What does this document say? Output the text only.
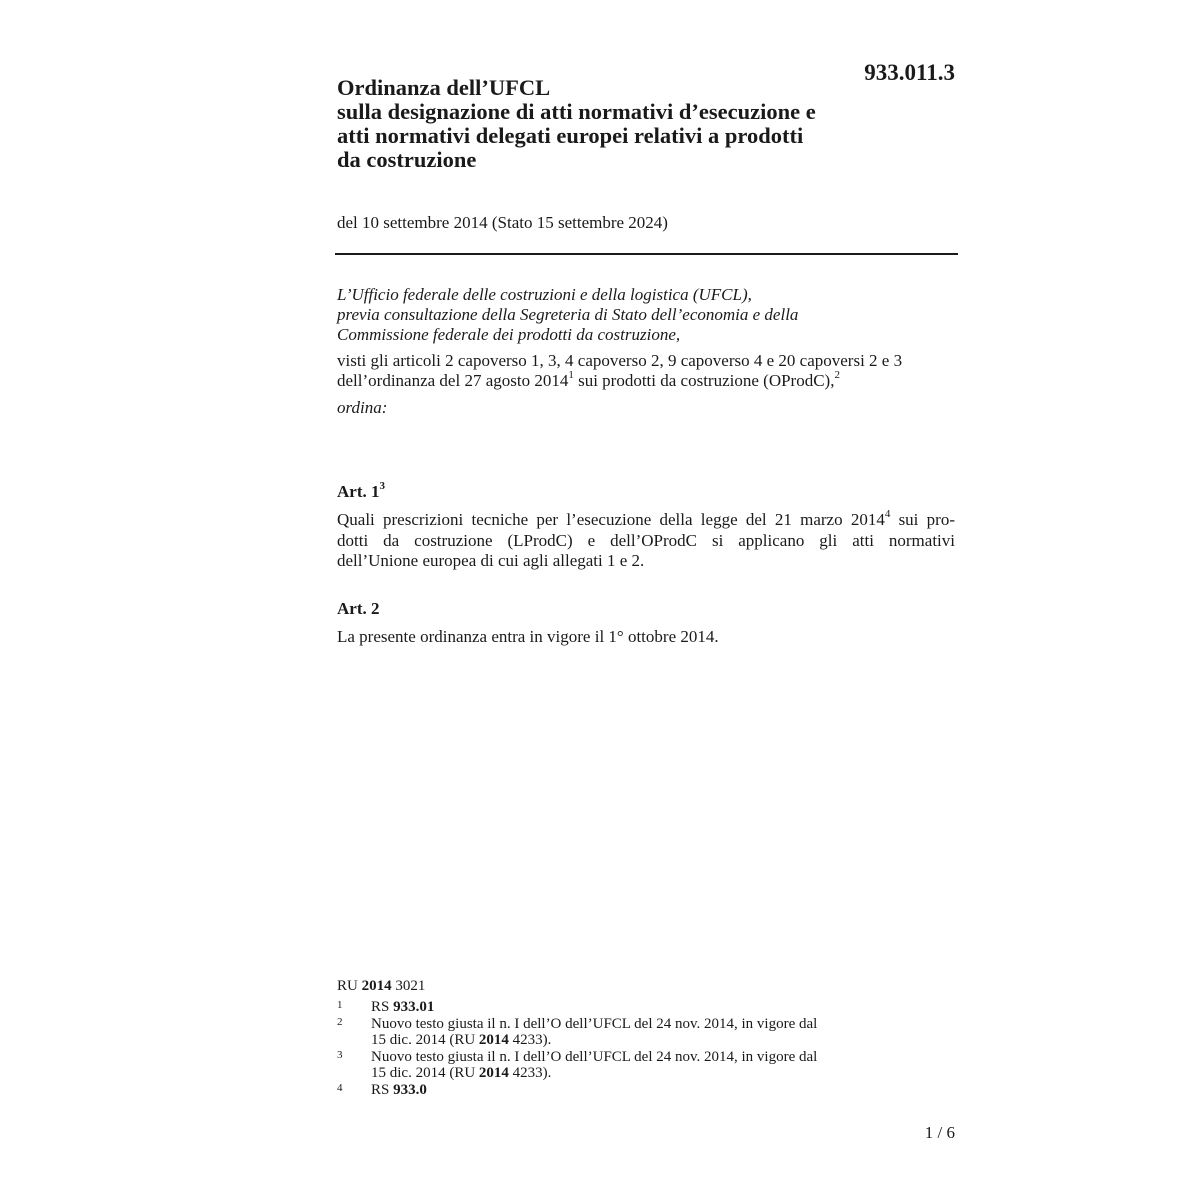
933.011.3
Ordinanza dell’UFCL
sulla designazione di atti normativi d’esecuzione e
atti normativi delegati europei relativi a prodotti
da costruzione
del 10 settembre 2014 (Stato 15 settembre 2024)
L’Ufficio federale delle costruzioni e della logistica (UFCL),
previa consultazione della Segreteria di Stato dell’economia e della
Commissione federale dei prodotti da costruzione,
visti gli articoli 2 capoverso 1, 3, 4 capoverso 2, 9 capoverso 4 e 20 capoversi 2 e 3
dell’ordinanza del 27 agosto 2014$^1$ sui prodotti da costruzione (OProdC),$^2$
ordina:
Art. $1^3$
Quali prescrizioni tecniche per l’esecuzione della legge del 21 marzo 2014$^4$ sui pro-
dotti da costruzione (LProdC) e dell’OProdC si applicano gli atti normativi
dell’Unione europea di cui agli allegati 1 e 2.
Art. 2
La presente ordinanza entra in vigore il 1° ottobre 2014.
RU 2014 3021
1 RS 933.01
2 Nuovo testo giusta il n. I dell’O dell’UFCL del 24 nov. 2014, in vigore dal
15 dic. 2014 (RU 2014 4233).
3 Nuovo testo giusta il n. I dell’O dell’UFCL del 24 nov. 2014, in vigore dal
15 dic. 2014 (RU 2014 4233).
4 RS 933.0
1 / 6
